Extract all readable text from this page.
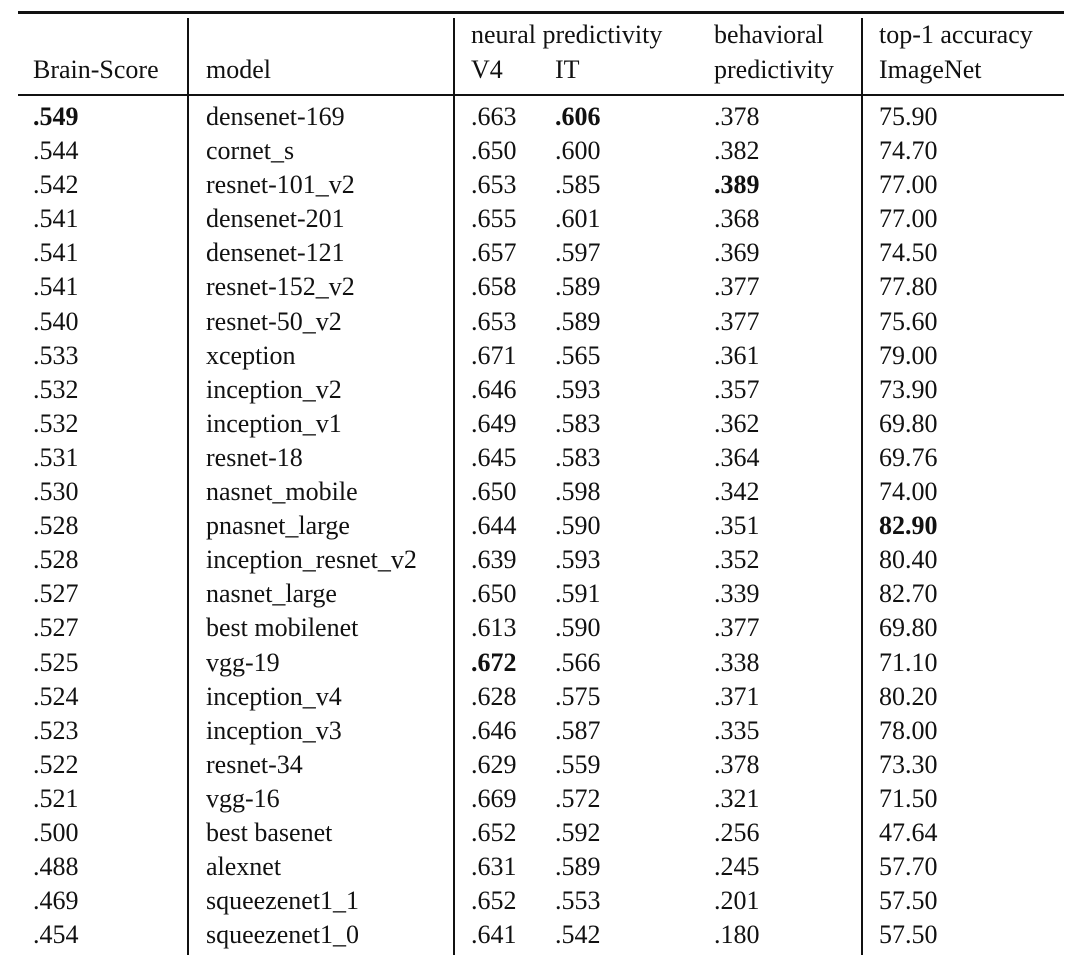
Brain-Score model
neural predictivity
V4 IT
behavioral
predictivity
top-1 accuracy
ImageNet
.549	densenet-169	.663 .606	.378	75.90
.544	cornet_s	.650 .600	.382	74.70
.542	resnet-101_v2	.653 .585	.389	77.00
.541	densenet-201	.655 .601	.368	77.00
.541	densenet-121	.657 .597	.369	74.50
.541	resnet-152_v2	.658 .589	.377	77.80
.540	resnet-50_v2	.653 .589	.377	75.60
.533	xception	.671 .565	.361	79.00
.532	inception_v2	.646 .593	.357	73.90
.532	inception_v1	.649 .583	.362	69.80
.531	resnet-18	.645 .583	.364	69.76
.530	nasnet_mobile	.650 .598	.342	74.00
.528	pnasnet_large	.644 .590	.351	82.90
.528	inception_resnet_v2 .639 .593	.352	80.40
.527	nasnet_large	.650 .591	.339	82.70
.527	best mobilenet	.613 .590	.377	69.80
.525	vgg-19	.672 .566	.338	71.10
.524	inception_v4	.628 .575	.371	80.20
.523	inception_v3	.646 .587	.335	78.00
.522	resnet-34	.629 .559	.378	73.30
.521	vgg-16	.669 .572	.321	71.50
.500	best basenet	.652 .592	.256	47.64
.488	alexnet	.631 .589	.245	57.70
.469	squeezenet1_1	.652 .553	.201	57.50
.454	squeezenet1_0	.641 .542	.180	57.50
